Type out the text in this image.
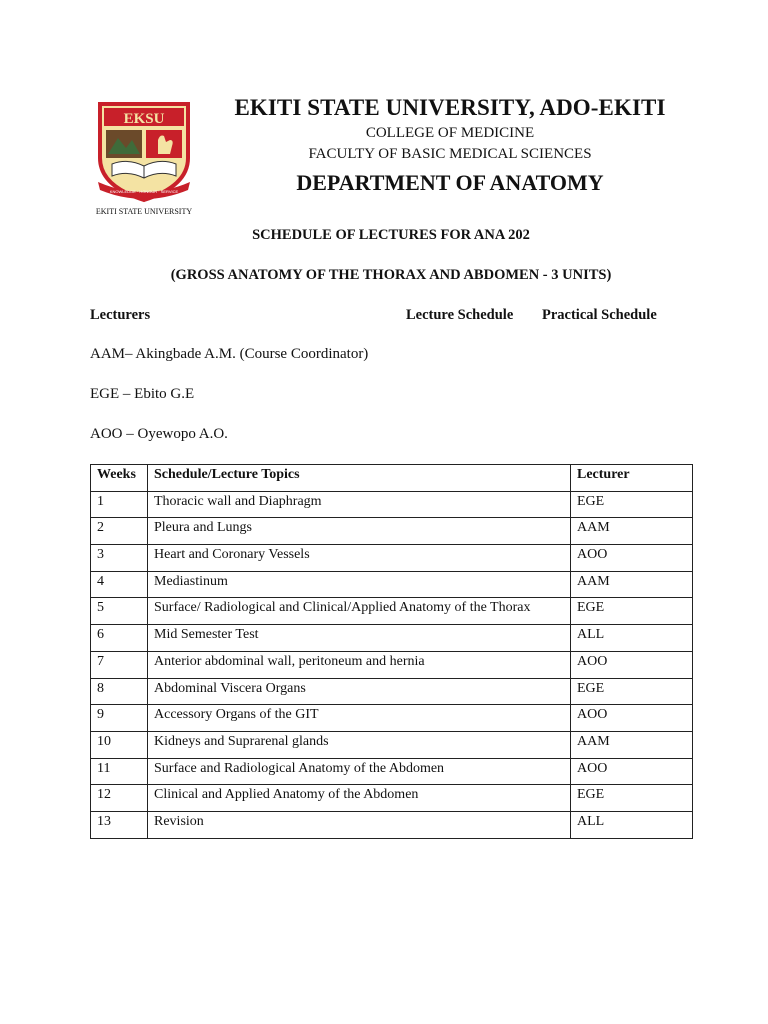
EKSU
KNOWLEDGE · HONOUR · SERVICE
EKITI STATE UNIVERSITY
EKITI STATE UNIVERSITY, ADO-EKITI
COLLEGE OF MEDICINE
FACULTY OF BASIC MEDICAL SCIENCES
DEPARTMENT OF ANATOMY
SCHEDULE OF LECTURES FOR ANA 202
(GROSS ANATOMY OF THE THORAX AND ABDOMEN - 3 UNITS)
Lecturers	Lecture Schedule Practical Schedule
AAM– Akingbade A.M. (Course Coordinator)
EGE – Ebito G.E
AOO – Oyewopo A.O.
Weeks	Schedule/Lecture Topics	Lecturer
1	Thoracic wall and Diaphragm	EGE
2	Pleura and Lungs	AAM
3	Heart and Coronary Vessels	AOO
4	Mediastinum	AAM
5	Surface/ Radiological and Clinical/Applied Anatomy of the Thorax	EGE
6	Mid Semester Test	ALL
7	Anterior abdominal wall, peritoneum and hernia	AOO
8	Abdominal Viscera Organs	EGE
9	Accessory Organs of the GIT	AOO
10	Kidneys and Suprarenal glands	AAM
11	Surface and Radiological Anatomy of the Abdomen	AOO
12	Clinical and Applied Anatomy of the Abdomen	EGE
13	Revision	ALL
